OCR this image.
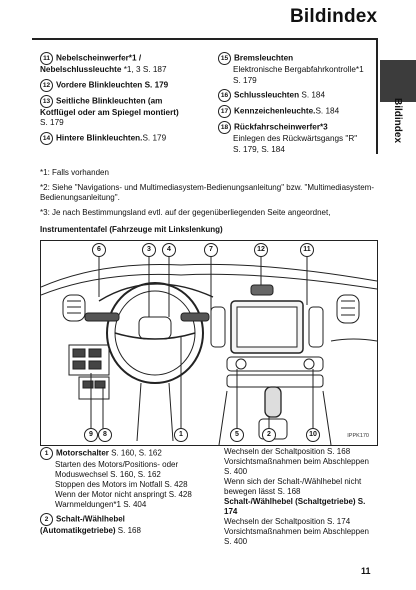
Bildindex
Bildindex
11 Nebelscheinwerfer*1 /
Nebelschlussleuchte *1, 3 S. 187
12 Vordere Blinkleuchten S. 179
13 Seitliche Blinkleuchten (am
Kotflügel oder am Spiegel montiert)
S. 179
14 Hintere Blinkleuchten.S. 179
15 Bremsleuchten
Elektronische Bergabfahrkontrolle*1
S. 179
16 Schlussleuchten S. 184
17 Kennzeichenleuchte.S. 184
18 Rückfahrscheinwerfer*3
Einlegen des Rückwärtsgangs "R"
S. 179, S. 184
*1: Falls vorhanden
*2: Siehe "Navigations- und Multimediasystem-Bedienungsanleitung" bzw. "Multimediasystem-Bedienungsanleitung".
*3: Je nach Bestimmungsland evtl. auf der gegenüberliegenden Seite angeordnet,
Instrumententafel (Fahrzeuge mit Linkslenkung)
6	3	4	7	12	11
9	8	1	5	2	10	IPPK170
1 Motorschalter S. 160, S. 162
Starten des Motors/Positions- oder Moduswechsel S. 160, S. 162
Stoppen des Motors im Notfall S. 428
Wenn der Motor nicht anspringt S. 428
Warnmeldungen*1 S. 404
2 Schalt-/Wählhebel
(Automatikgetriebe) S. 168
Wechseln der Schaltposition S. 168
Vorsichtsmaßnahmen beim Abschleppen S. 400
Wenn sich der Schalt-/Wählhebel nicht bewegen lässt S. 168
Schalt-/Wählhebel (Schaltgetriebe) S. 174
Wechseln der Schaltposition S. 174
Vorsichtsmaßnahmen beim Abschleppen S. 400
11
